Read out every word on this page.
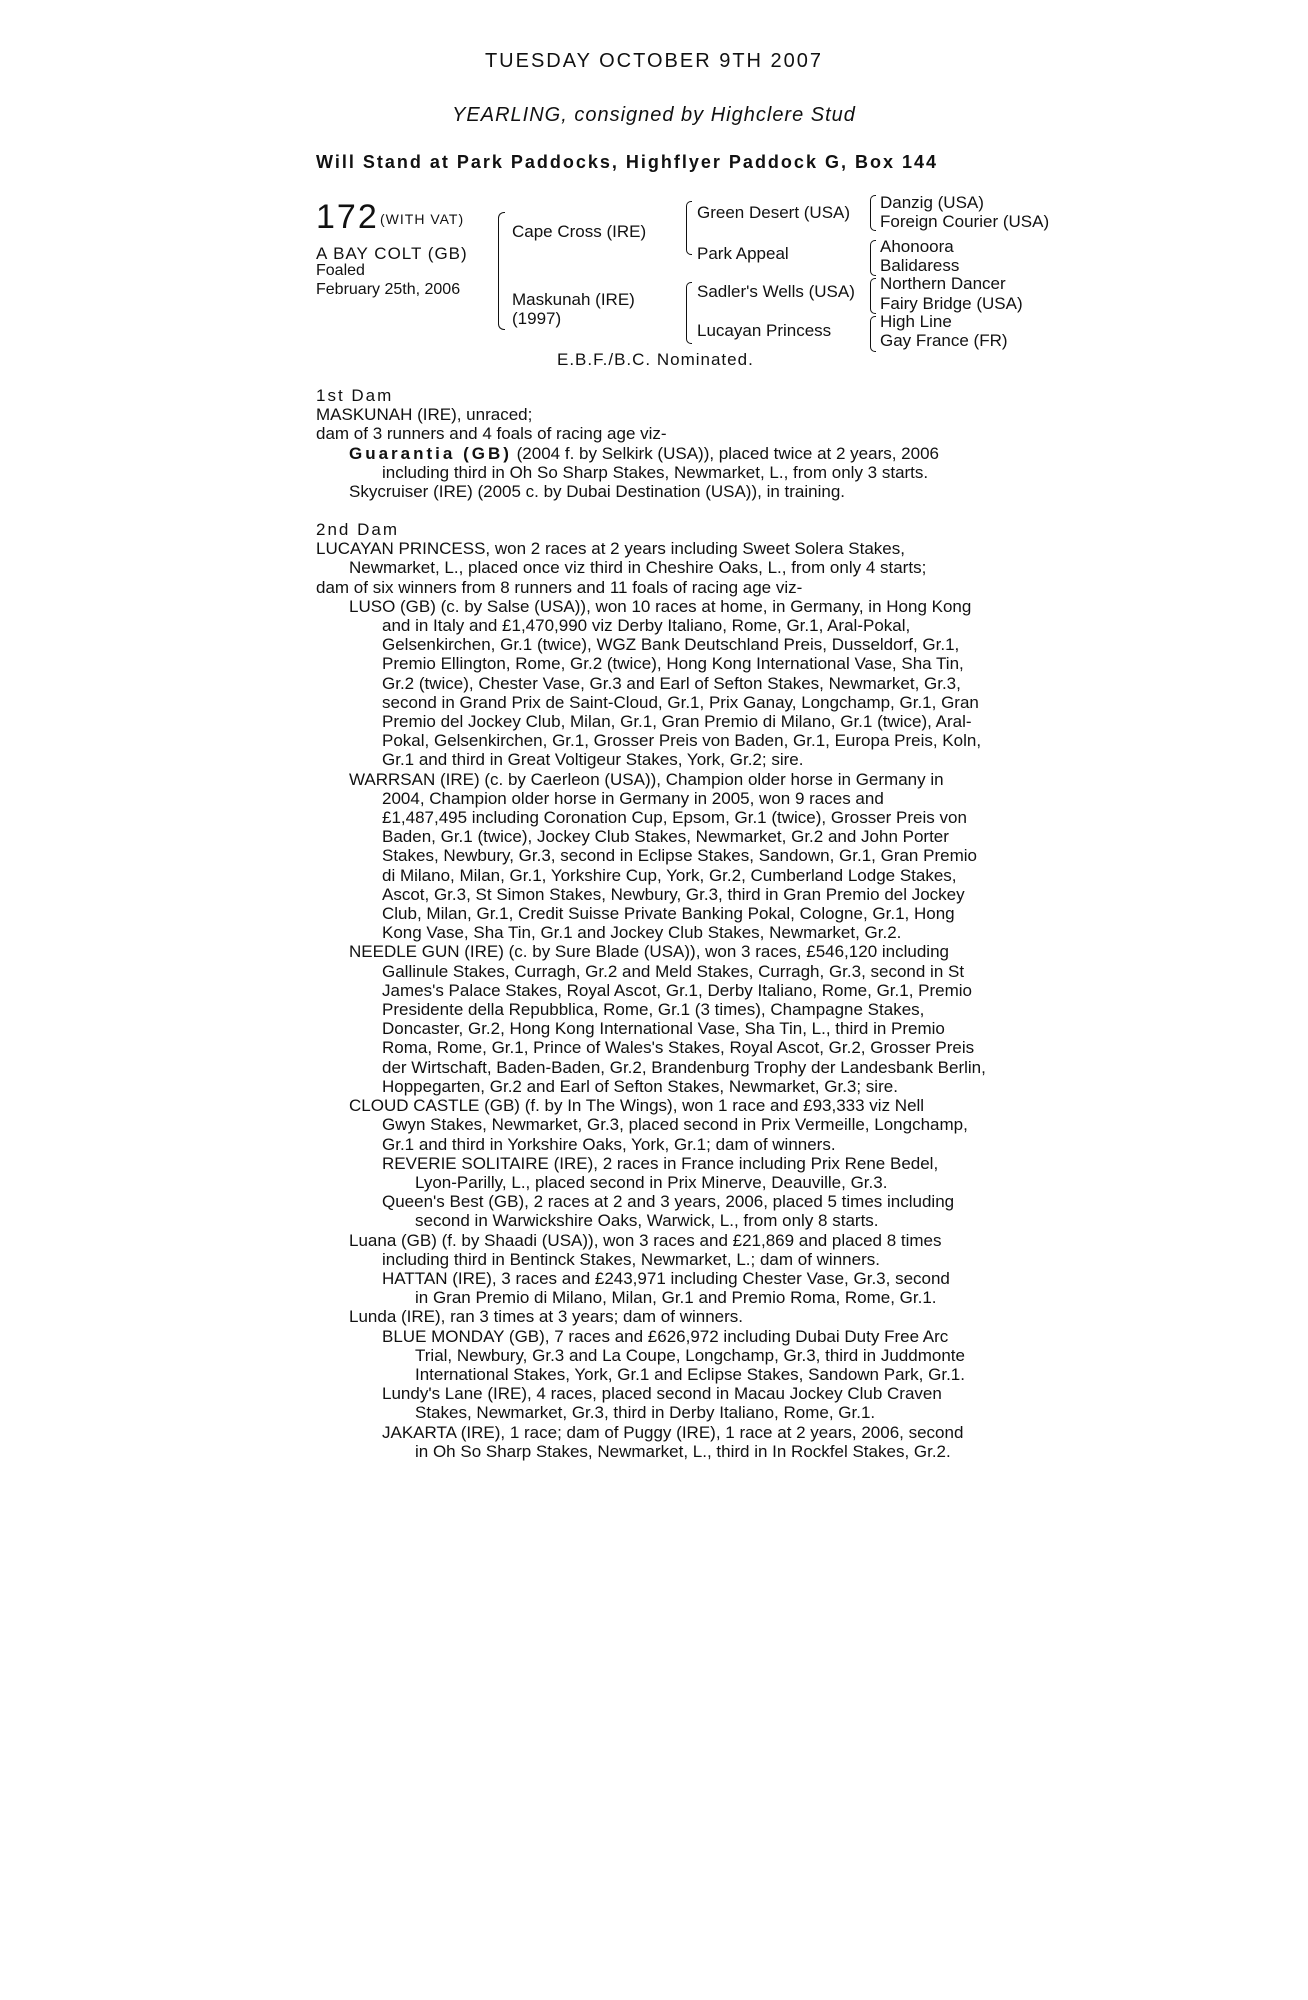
TUESDAY OCTOBER 9TH 2007
YEARLING, consigned by Highclere Stud
Will Stand at Park Paddocks, Highflyer Paddock G, Box 144
172 (WITH VAT)
A BAY COLT (GB)
Foaled
February 25th, 2006
Cape Cross (IRE)
Maskunah (IRE)
(1997)
Green Desert (USA)
Park Appeal
Sadler's Wells (USA)
Lucayan Princess
Danzig (USA)
Foreign Courier (USA)
Ahonoora
Balidaress
Northern Dancer
Fairy Bridge (USA)
High Line
Gay France (FR)
E.B.F./B.C. Nominated.
1st Dam
MASKUNAH (IRE), unraced;
dam of 3 runners and 4 foals of racing age viz-
Guarantia (GB) (2004 f. by Selkirk (USA)), placed twice at 2 years, 2006
including third in Oh So Sharp Stakes, Newmarket, L., from only 3 starts.
Skycruiser (IRE) (2005 c. by Dubai Destination (USA)), in training.
2nd Dam
LUCAYAN PRINCESS, won 2 races at 2 years including Sweet Solera Stakes,
Newmarket, L., placed once viz third in Cheshire Oaks, L., from only 4 starts;
dam of six winners from 8 runners and 11 foals of racing age viz-
LUSO (GB) (c. by Salse (USA)), won 10 races at home, in Germany, in Hong Kong
and in Italy and £1,470,990 viz Derby Italiano, Rome, Gr.1, Aral-Pokal,
Gelsenkirchen, Gr.1 (twice), WGZ Bank Deutschland Preis, Dusseldorf, Gr.1,
Premio Ellington, Rome, Gr.2 (twice), Hong Kong International Vase, Sha Tin,
Gr.2 (twice), Chester Vase, Gr.3 and Earl of Sefton Stakes, Newmarket, Gr.3,
second in Grand Prix de Saint-Cloud, Gr.1, Prix Ganay, Longchamp, Gr.1, Gran
Premio del Jockey Club, Milan, Gr.1, Gran Premio di Milano, Gr.1 (twice), Aral-
Pokal, Gelsenkirchen, Gr.1, Grosser Preis von Baden, Gr.1, Europa Preis, Koln,
Gr.1 and third in Great Voltigeur Stakes, York, Gr.2; sire.
WARRSAN (IRE) (c. by Caerleon (USA)), Champion older horse in Germany in
2004, Champion older horse in Germany in 2005, won 9 races and
£1,487,495 including Coronation Cup, Epsom, Gr.1 (twice), Grosser Preis von
Baden, Gr.1 (twice), Jockey Club Stakes, Newmarket, Gr.2 and John Porter
Stakes, Newbury, Gr.3, second in Eclipse Stakes, Sandown, Gr.1, Gran Premio
di Milano, Milan, Gr.1, Yorkshire Cup, York, Gr.2, Cumberland Lodge Stakes,
Ascot, Gr.3, St Simon Stakes, Newbury, Gr.3, third in Gran Premio del Jockey
Club, Milan, Gr.1, Credit Suisse Private Banking Pokal, Cologne, Gr.1, Hong
Kong Vase, Sha Tin, Gr.1 and Jockey Club Stakes, Newmarket, Gr.2.
NEEDLE GUN (IRE) (c. by Sure Blade (USA)), won 3 races, £546,120 including
Gallinule Stakes, Curragh, Gr.2 and Meld Stakes, Curragh, Gr.3, second in St
James's Palace Stakes, Royal Ascot, Gr.1, Derby Italiano, Rome, Gr.1, Premio
Presidente della Repubblica, Rome, Gr.1 (3 times), Champagne Stakes,
Doncaster, Gr.2, Hong Kong International Vase, Sha Tin, L., third in Premio
Roma, Rome, Gr.1, Prince of Wales's Stakes, Royal Ascot, Gr.2, Grosser Preis
der Wirtschaft, Baden-Baden, Gr.2, Brandenburg Trophy der Landesbank Berlin,
Hoppegarten, Gr.2 and Earl of Sefton Stakes, Newmarket, Gr.3; sire.
CLOUD CASTLE (GB) (f. by In The Wings), won 1 race and £93,333 viz Nell
Gwyn Stakes, Newmarket, Gr.3, placed second in Prix Vermeille, Longchamp,
Gr.1 and third in Yorkshire Oaks, York, Gr.1; dam of winners.
REVERIE SOLITAIRE (IRE), 2 races in France including Prix Rene Bedel,
Lyon-Parilly, L., placed second in Prix Minerve, Deauville, Gr.3.
Queen's Best (GB), 2 races at 2 and 3 years, 2006, placed 5 times including
second in Warwickshire Oaks, Warwick, L., from only 8 starts.
Luana (GB) (f. by Shaadi (USA)), won 3 races and £21,869 and placed 8 times
including third in Bentinck Stakes, Newmarket, L.; dam of winners.
HATTAN (IRE), 3 races and £243,971 including Chester Vase, Gr.3, second
in Gran Premio di Milano, Milan, Gr.1 and Premio Roma, Rome, Gr.1.
Lunda (IRE), ran 3 times at 3 years; dam of winners.
BLUE MONDAY (GB), 7 races and £626,972 including Dubai Duty Free Arc
Trial, Newbury, Gr.3 and La Coupe, Longchamp, Gr.3, third in Juddmonte
International Stakes, York, Gr.1 and Eclipse Stakes, Sandown Park, Gr.1.
Lundy's Lane (IRE), 4 races, placed second in Macau Jockey Club Craven
Stakes, Newmarket, Gr.3, third in Derby Italiano, Rome, Gr.1.
JAKARTA (IRE), 1 race; dam of Puggy (IRE), 1 race at 2 years, 2006, second
in Oh So Sharp Stakes, Newmarket, L., third in In Rockfel Stakes, Gr.2.
